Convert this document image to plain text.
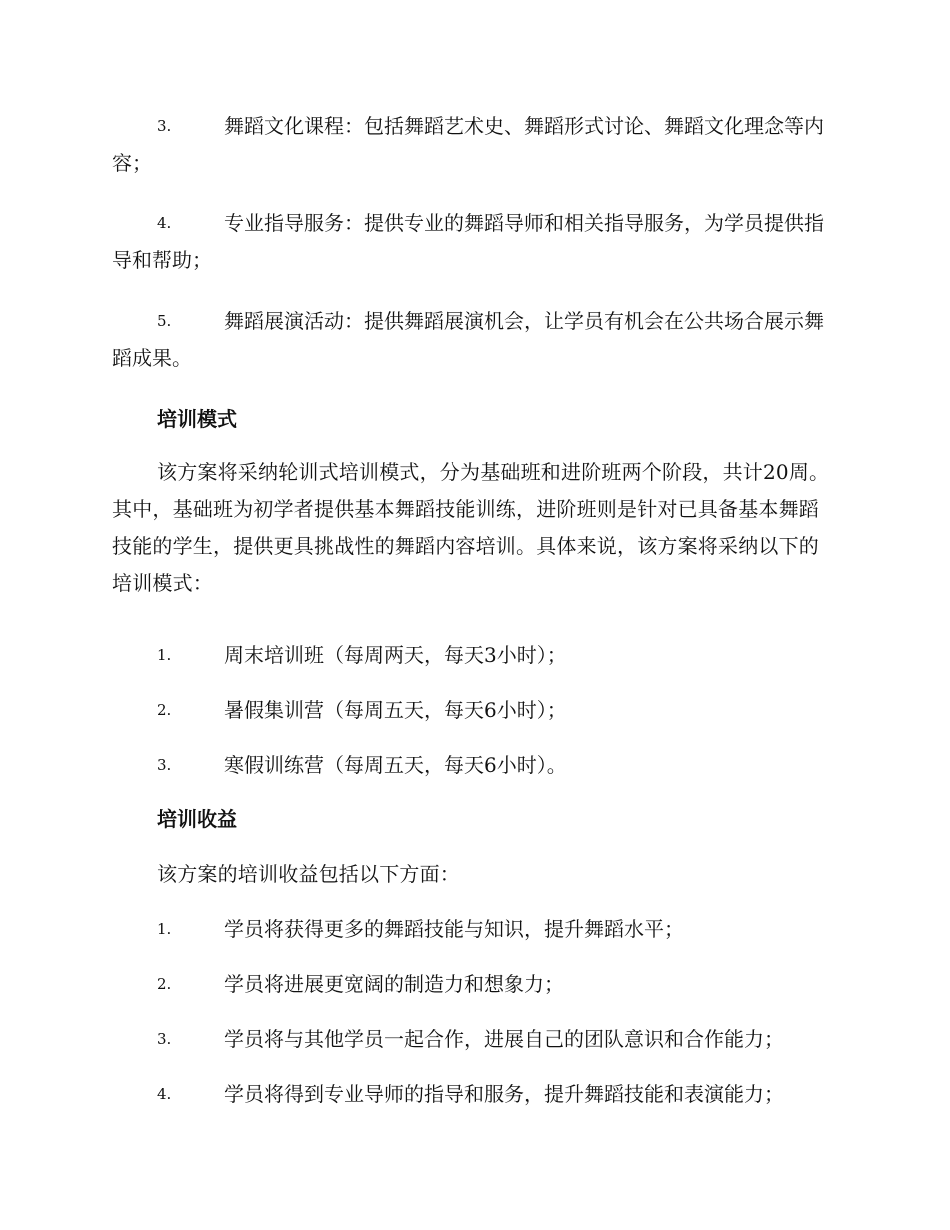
3.	舞蹈文化课程：包括舞蹈艺术史、舞蹈形式讨论、舞蹈文化理念等内容；
4.	专业指导服务：提供专业的舞蹈导师和相关指导服务，为学员提供指导和帮助；
5.	舞蹈展演活动：提供舞蹈展演机会，让学员有机会在公共场合展示舞蹈成果。
培训模式
该方案将采纳轮训式培训模式，分为基础班和进阶班两个阶段，共计20周。其中，基础班为初学者提供基本舞蹈技能训练，进阶班则是针对已具备基本舞蹈技能的学生，提供更具挑战性的舞蹈内容培训。具体来说，该方案将采纳以下的培训模式：
1.	周末培训班（每周两天，每天3小时）；
2.	暑假集训营（每周五天，每天6小时）；
3.	寒假训练营（每周五天，每天6小时）。
培训收益
该方案的培训收益包括以下方面：
1.	学员将获得更多的舞蹈技能与知识，提升舞蹈水平；
2.	学员将进展更宽阔的制造力和想象力；
3.	学员将与其他学员一起合作，进展自己的团队意识和合作能力；
4.	学员将得到专业导师的指导和服务，提升舞蹈技能和表演能力；
